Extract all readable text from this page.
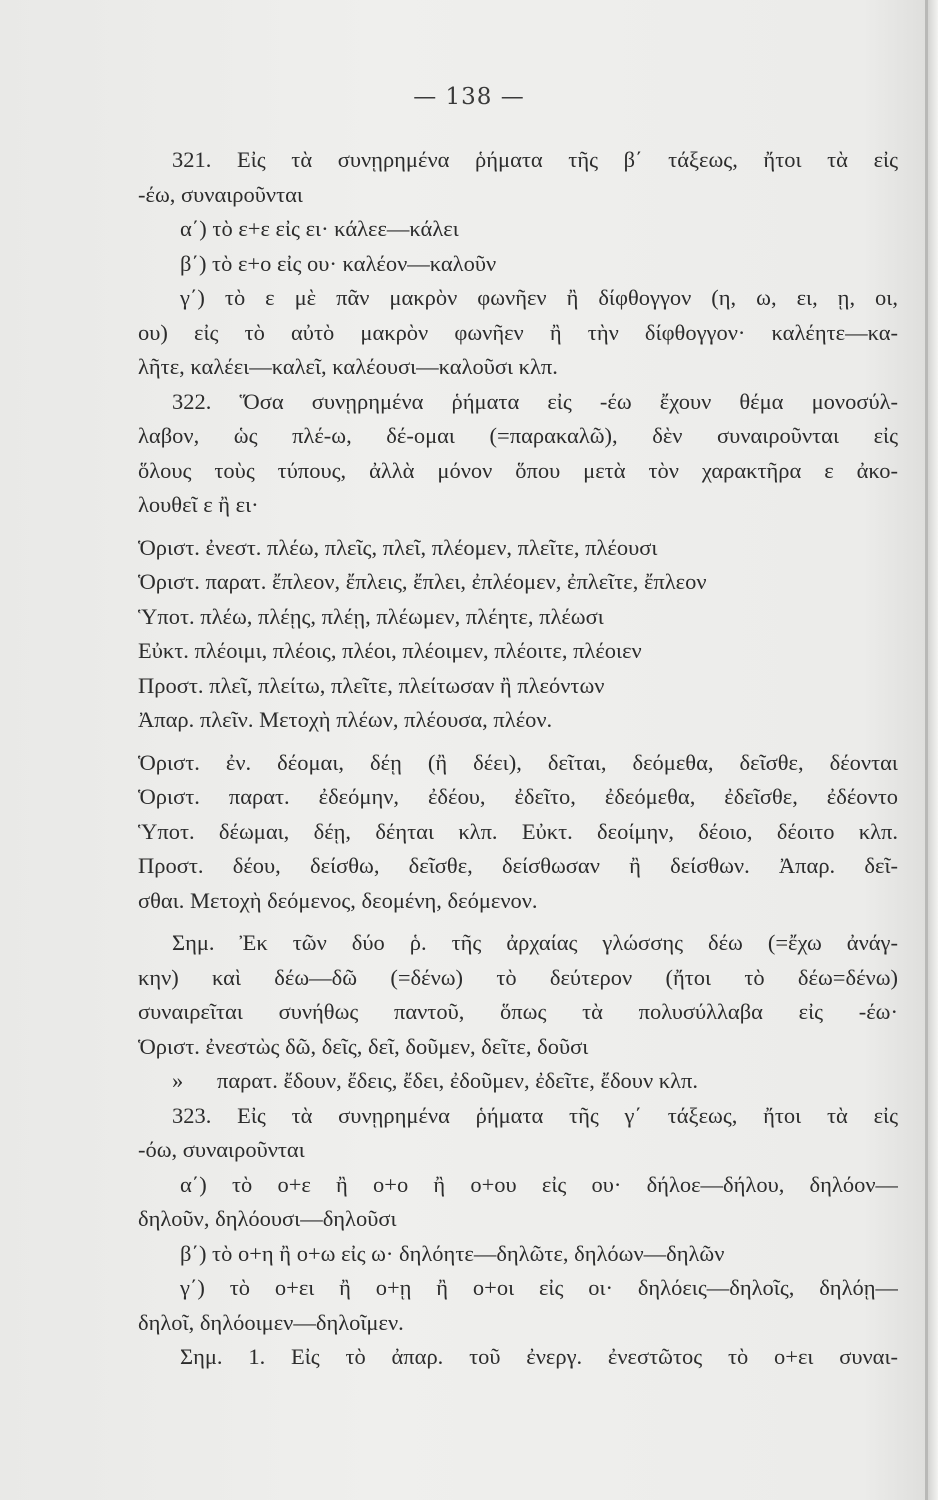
— 138 —
321. Εἰς τὰ συνῃρημένα ῥήματα τῆς β΄ τάξεως, ἤτοι τὰ εἰς
-έω, συναιροῦνται
α΄) τὸ ε+ε εἰς ει· κάλεε—κάλει
β΄) τὸ ε+ο εἰς ου· καλέον—καλοῦν
γ΄) τὸ ε μὲ πᾶν μακρὸν φωνῆεν ἢ δίφθογγον (η, ω, ει, ῃ, οι,
ου) εἰς τὸ αὐτὸ μακρὸν φωνῆεν ἢ τὴν δίφθογγον· καλέητε—κα-
λῆτε, καλέει—καλεῖ, καλέουσι—καλοῦσι κλπ.
322. Ὅσα συνῃρημένα ῥήματα εἰς -έω ἔχουν θέμα μονοσύλ-
λαβον, ὡς πλέ-ω, δέ-ομαι (=παρακαλῶ), δὲν συναιροῦνται εἰς
ὅλους τοὺς τύπους, ἀλλὰ μόνον ὅπου μετὰ τὸν χαρακτῆρα ε ἀκο-
λουθεῖ ε ἢ ει·
Ὁριστ. ἐνεστ. πλέω, πλεῖς, πλεῖ, πλέομεν, πλεῖτε, πλέουσι
Ὁριστ. παρατ. ἔπλεον, ἔπλεις, ἔπλει, ἐπλέομεν, ἐπλεῖτε, ἔπλεον
Ὑποτ. πλέω, πλέῃς, πλέῃ, πλέωμεν, πλέητε, πλέωσι
Εὐκτ. πλέοιμι, πλέοις, πλέοι, πλέοιμεν, πλέοιτε, πλέοιεν
Προστ. πλεῖ, πλείτω, πλεῖτε, πλείτωσαν ἢ πλεόντων
Ἀπαρ. πλεῖν. Μετοχὴ πλέων, πλέουσα, πλέον.
Ὁριστ. ἐν. δέομαι, δέῃ (ἢ δέει), δεῖται, δεόμεθα, δεῖσθε, δέονται
Ὁριστ. παρατ. ἐδεόμην, ἐδέου, ἐδεῖτο, ἐδεόμεθα, ἐδεῖσθε, ἐδέοντο
Ὑποτ. δέωμαι, δέῃ, δέηται κλπ. Εὐκτ. δεοίμην, δέοιο, δέοιτο κλπ.
Προστ. δέου, δείσθω, δεῖσθε, δείσθωσαν ἢ δείσθων. Ἀπαρ. δεῖ-
σθαι. Μετοχὴ δεόμενος, δεομένη, δεόμενον.
Σημ. Ἐκ τῶν δύο ῥ. τῆς ἀρχαίας γλώσσης δέω (=ἔχω ἀνάγ-
κην) καὶ δέω—δῶ (=δένω) τὸ δεύτερον (ἤτοι τὸ δέω=δένω)
συναιρεῖται συνήθως παντοῦ, ὅπως τὰ πολυσύλλαβα εἰς -έω·
Ὁριστ. ἐνεστὼς δῶ, δεῖς, δεῖ, δοῦμεν, δεῖτε, δοῦσι
»      παρατ. ἔδουν, ἔδεις, ἔδει, ἐδοῦμεν, ἐδεῖτε, ἔδουν κλπ.
323. Εἰς τὰ συνῃρημένα ῥήματα τῆς γ΄ τάξεως, ἤτοι τὰ εἰς
-όω, συναιροῦνται
α΄) τὸ ο+ε ἢ ο+ο ἢ ο+ου εἰς ου· δήλοε—δήλου, δηλόον—
δηλοῦν, δηλόουσι—δηλοῦσι
β΄) τὸ ο+η ἢ ο+ω εἰς ω· δηλόητε—δηλῶτε, δηλόων—δηλῶν
γ΄) τὸ ο+ει ἢ ο+ῃ ἢ ο+οι εἰς οι· δηλόεις—δηλοῖς, δηλόῃ—
δηλοῖ, δηλόοιμεν—δηλοῖμεν.
Σημ. 1. Εἰς τὸ ἀπαρ. τοῦ ἐνεργ. ἐνεστῶτος τὸ ο+ει συναι-
